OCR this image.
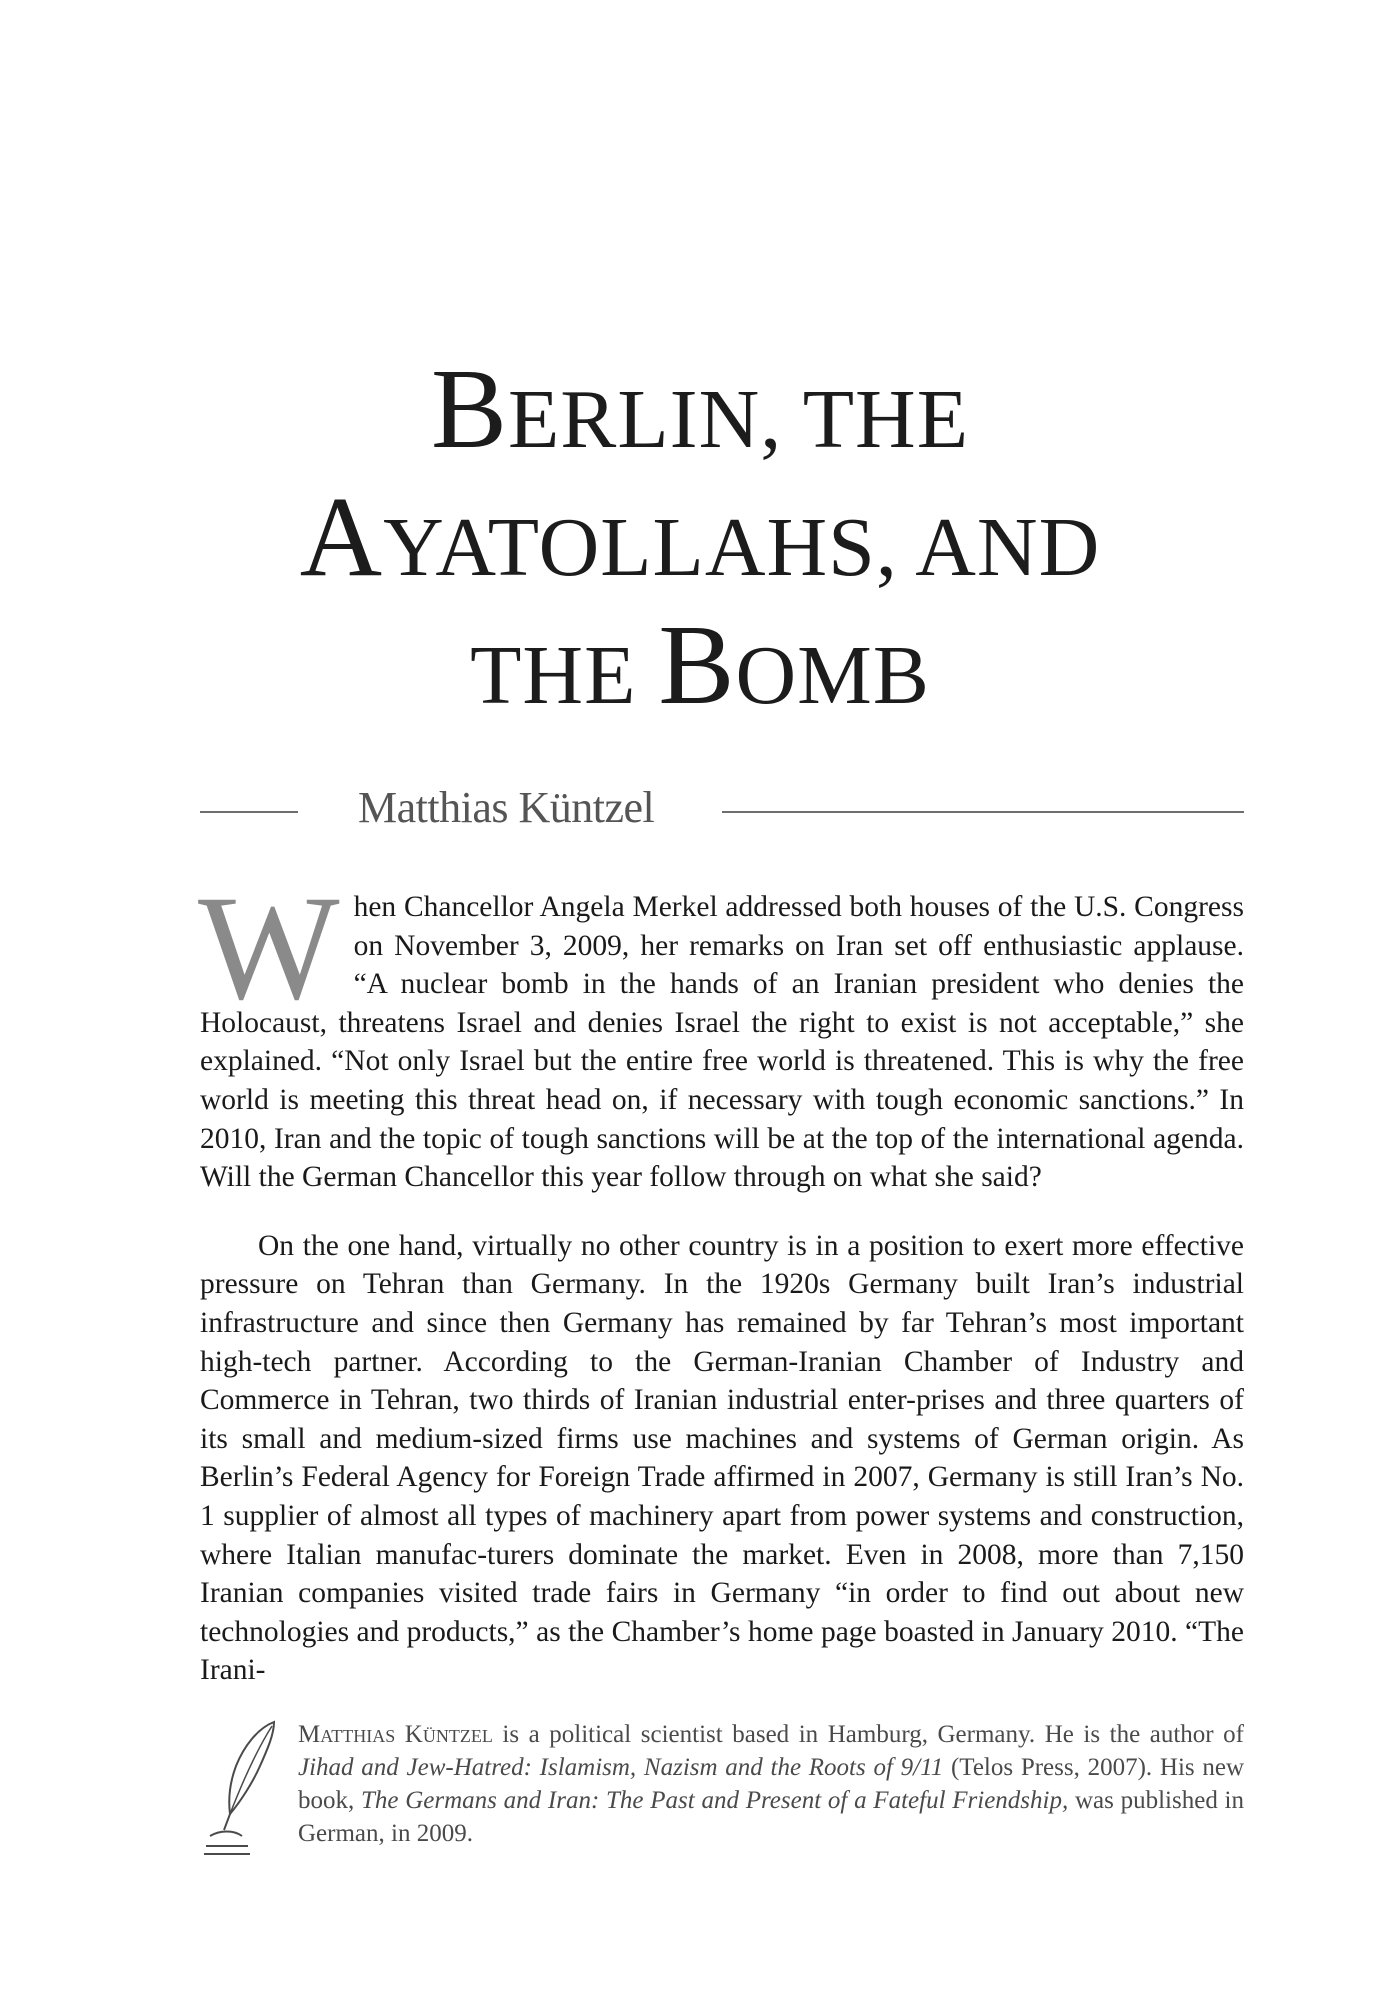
BERLIN, THE
AYATOLLAHS, AND
THE BOMB
Matthias Küntzel

When Chancellor Angela Merkel addressed both houses of the U.S. Congress on November 3, 2009, her remarks on Iran set off enthusiastic applause. “A nuclear bomb in the hands of an Iranian president who denies the Holocaust, threatens Israel and denies Israel the right to exist is not acceptable,” she explained. “Not only Israel but the entire free world is threatened. This is why the free world is meeting this threat head on, if necessary with tough economic sanctions.” In 2010, Iran and the topic of tough sanctions will be at the top of the international agenda. Will the German Chancellor this year follow through on what she said?

On the one hand, virtually no other country is in a position to exert more effective pressure on Tehran than Germany. In the 1920s Germany built Iran’s industrial infrastructure and since then Germany has remained by far Tehran’s most important high-tech partner. According to the German-Iranian Chamber of Industry and Commerce in Tehran, two thirds of Iranian industrial enter-prises and three quarters of its small and medium-sized firms use machines and systems of German origin. As Berlin’s Federal Agency for Foreign Trade affirmed in 2007, Germany is still Iran’s No. 1 supplier of almost all types of machinery apart from power systems and construction, where Italian manufac-turers dominate the market. Even in 2008, more than 7,150 Iranian companies visited trade fairs in Germany “in order to find out about new technologies and products,” as the Chamber’s home page boasted in January 2010. “The Irani-

Matthias Küntzel is a political scientist based in Hamburg, Germany. He is the author of Jihad and Jew-Hatred: Islamism, Nazism and the Roots of 9/11 (Telos Press, 2007). His new book, The Germans and Iran: The Past and Present of a Fateful Friendship, was published in German, in 2009.
